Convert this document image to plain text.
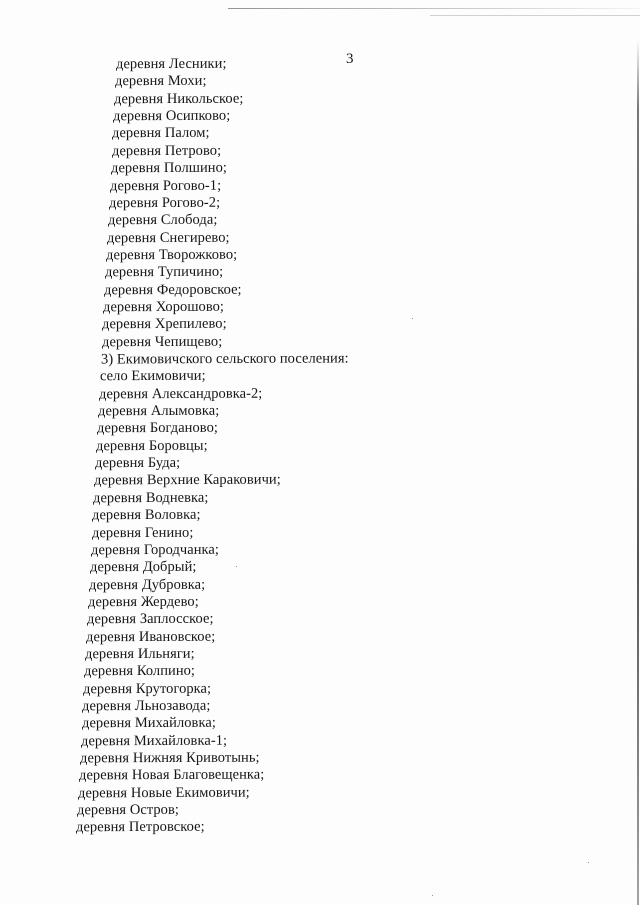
3
деревня Лесники;
деревня Мохи;
деревня Никольское;
деревня Осипково;
деревня Палом;
деревня Петрово;
деревня Полшино;
деревня Рогово-1;
деревня Рогово-2;
деревня Слобода;
деревня Снегирево;
деревня Творожково;
деревня Тупичино;
деревня Федоровское;
деревня Хорошово;
деревня Хрепилево;
деревня Чепищево;
3) Екимовичского сельского поселения:
село Екимовичи;
деревня Александровка-2;
деревня Алымовка;
деревня Богданово;
деревня Боровцы;
деревня Буда;
деревня Верхние Караковичи;
деревня Водневка;
деревня Воловка;
деревня Генино;
деревня Городчанка;
деревня Добрый;
деревня Дубровка;
деревня Жердево;
деревня Заплосское;
деревня Ивановское;
деревня Ильняги;
деревня Колпино;
деревня Крутогорка;
деревня Льнозавода;
деревня Михайловка;
деревня Михайловка-1;
деревня Нижняя Кривотынь;
деревня Новая Благовещенка;
деревня Новые Екимовичи;
деревня Остров;
деревня Петровское;
